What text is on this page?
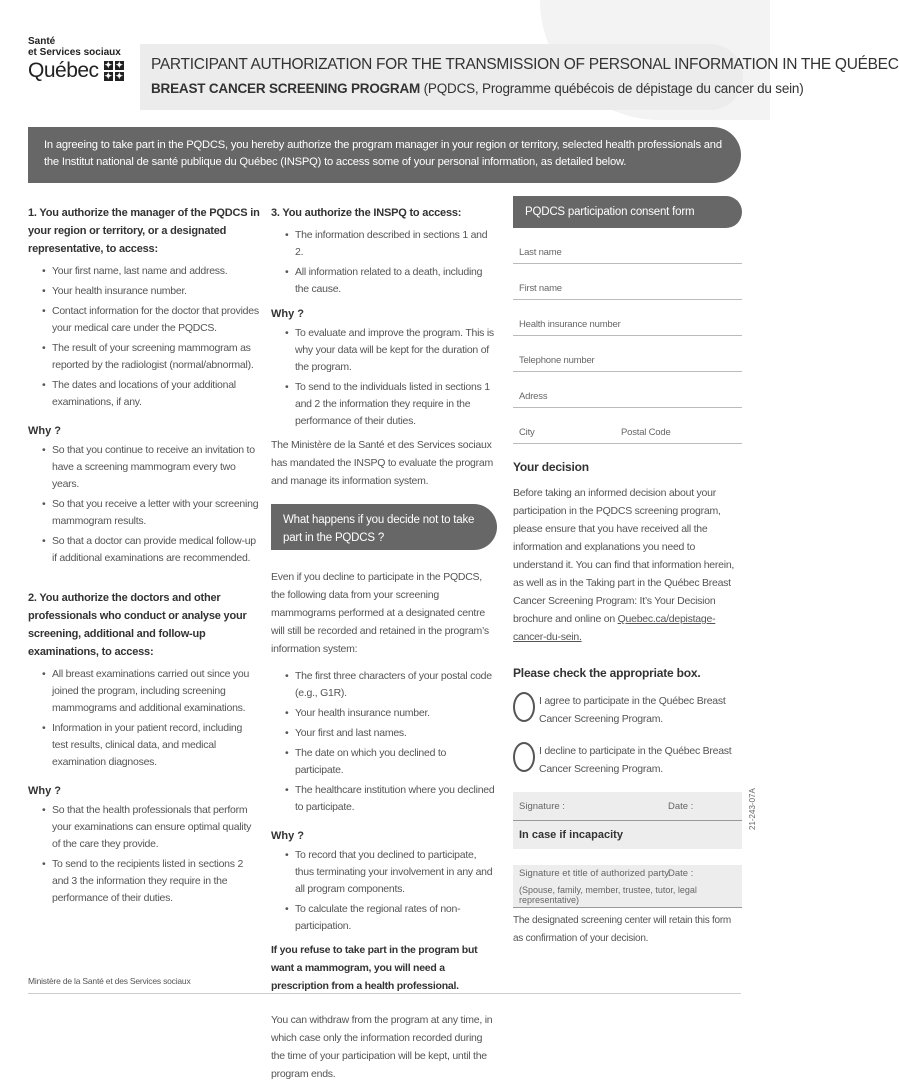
Santé
et Services sociaux
Québec ✦ ✦
✦ ✦
PARTICIPANT AUTHORIZATION FOR THE TRANSMISSION OF PERSONAL INFORMATION IN THE QUÉBEC
BREAST CANCER SCREENING PROGRAM (PQDCS, Programme québécois de dépistage du cancer du sein)
In agreeing to take part in the PQDCS, you hereby authorize the program manager in your region or territory, selected health professionals and the Institut national de santé publique du Québec (INSPQ) to access some of your personal information, as detailed below.
1. You authorize the manager of the PQDCS in your region or territory, or a designated representative, to access:
• Your first name, last name and address.
• Your health insurance number.
• Contact information for the doctor that provides your medical care under the PQDCS.
• The result of your screening mammogram as reported by the radiologist (normal/abnormal).
• The dates and locations of your additional examinations, if any.
Why ?
• So that you continue to receive an invitation to have a screening mammogram every two years.
• So that you receive a letter with your screening mammogram results.
• So that a doctor can provide medical follow-up if additional examinations are recommended.
2. You authorize the doctors and other professionals who conduct or analyse your screening, additional and follow-up examinations, to access:
• All breast examinations carried out since you joined the program, including screening mammograms and additional examinations.
• Information in your patient record, including test results, clinical data, and medical examination diagnoses.
Why ?
• So that the health professionals that perform your examinations can ensure optimal quality of the care they provide.
• To send to the recipients listed in sections 2 and 3 the information they require in the performance of their duties.
3. You authorize the INSPQ to access:
• The information described in sections 1 and 2.
• All information related to a death, including the cause.
Why ?
• To evaluate and improve the program. This is why your data will be kept for the duration of the program.
• To send to the individuals listed in sections 1 and 2 the information they require in the performance of their duties.
The Ministère de la Santé et des Services sociaux has mandated the INSPQ to evaluate the program and manage its information system.
What happens if you decide not to take part in the PQDCS ?
Even if you decline to participate in the PQDCS, the following data from your screening mammograms performed at a designated centre will still be recorded and retained in the program’s information system:
• The first three characters of your postal code (e.g., G1R).
• Your health insurance number.
• Your first and last names.
• The date on which you declined to participate.
• The healthcare institution where you declined to participate.
Why ?
• To record that you declined to participate, thus terminating your involvement in any and all program components.
• To calculate the regional rates of non-participation.
If you refuse to take part in the program but want a mammogram, you will need a prescription from a health professional.
You can withdraw from the program at any time, in which case only the information recorded during the time of your participation will be kept, until the program ends.
PQDCS participation consent form
Last name
First name
Health insurance number
Telephone number
Adress
City	Postal Code
Your decision
Before taking an informed decision about your participation in the PQDCS screening program, please ensure that you have received all the information and explanations you need to understand it. You can find that information herein, as well as in the Taking part in the Québec Breast Cancer Screening Program: It’s Your Decision brochure and online on Quebec.ca/depistage-cancer-du-sein.
Please check the appropriate box.
I agree to participate in the Québec Breast Cancer Screening Program.
I decline to participate in the Québec Breast Cancer Screening Program.
Signature :	Date :
In case if incapacity
Signature et title of authorized party Date :
(Spouse, family, member, trustee, tutor, legal representative)
The designated screening center will retain this form as confirmation of your decision.
21-243-07A
Ministère de la Santé et des Services sociaux
